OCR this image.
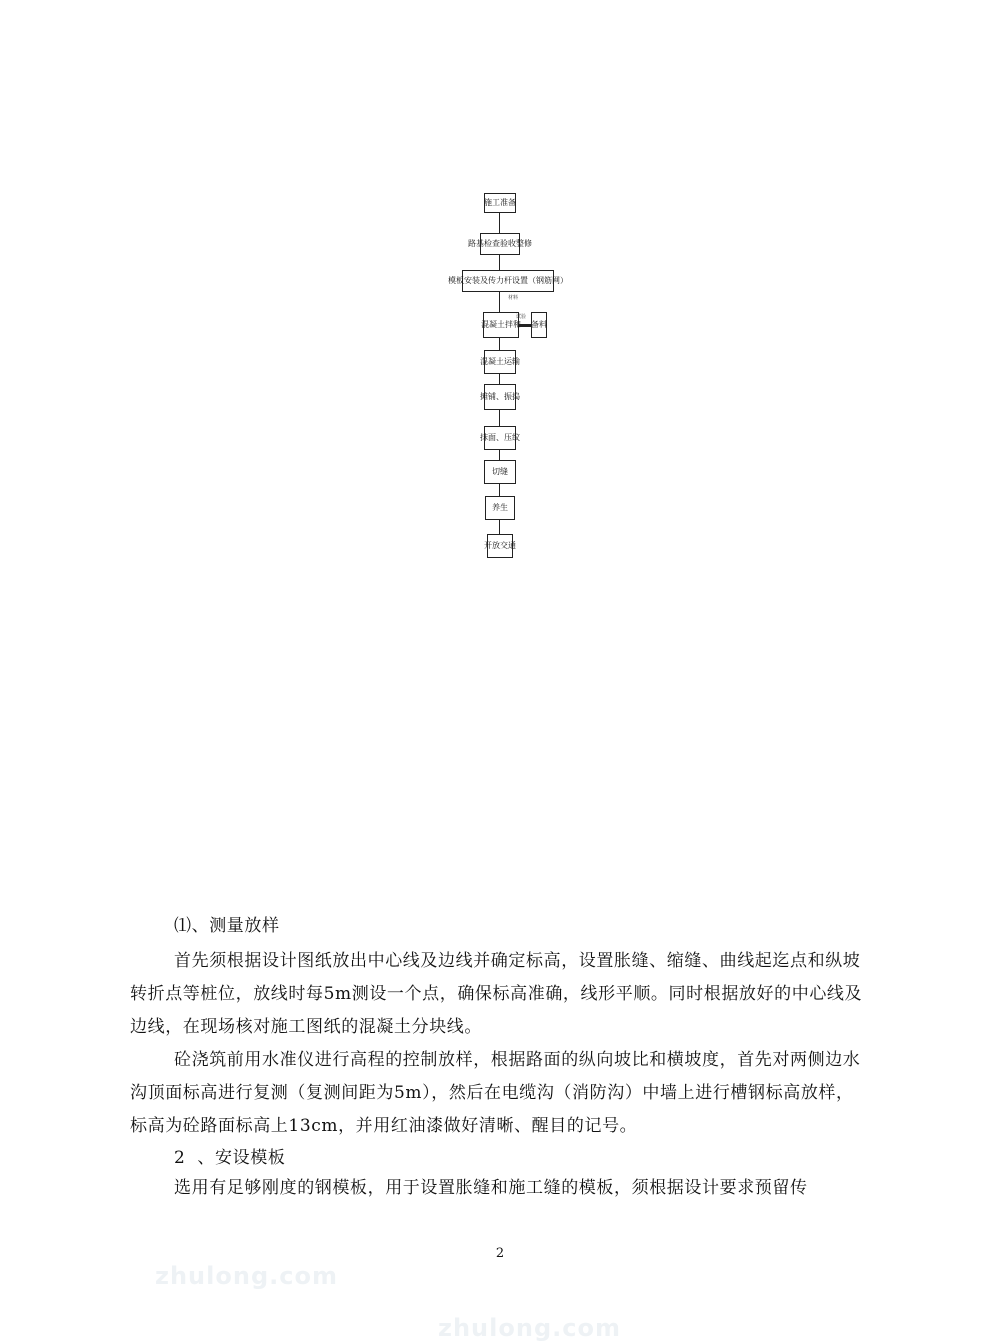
施工准备
路基检查验收整修
模板安装及传力杆设置（钢筋网）
材料
混凝土拌和
试验
备料
混凝土运输
摊铺、振捣
抹面、压纹
切缝
养生
开放交通

⑴、测量放样

首先须根据设计图纸放出中心线及边线并确定标高，设置胀缝、缩缝、曲线起迄点和纵坡转折点等桩位，放线时每5m测设一个点，确保标高准确，线形平顺。同时根据放好的中心线及边线，在现场核对施工图纸的混凝土分块线。

砼浇筑前用水准仪进行高程的控制放样，根据路面的纵向坡比和横坡度，首先对两侧边水沟顶面标高进行复测（复测间距为5m），然后在电缆沟（消防沟）中墙上进行槽钢标高放样，标高为砼路面标高上13cm，并用红油漆做好清晰、醒目的记号。

2  、安设模板

选用有足够刚度的钢模板，用于设置胀缝和施工缝的模板，须根据设计要求预留传

2
zhulong.com
zhulong.com
